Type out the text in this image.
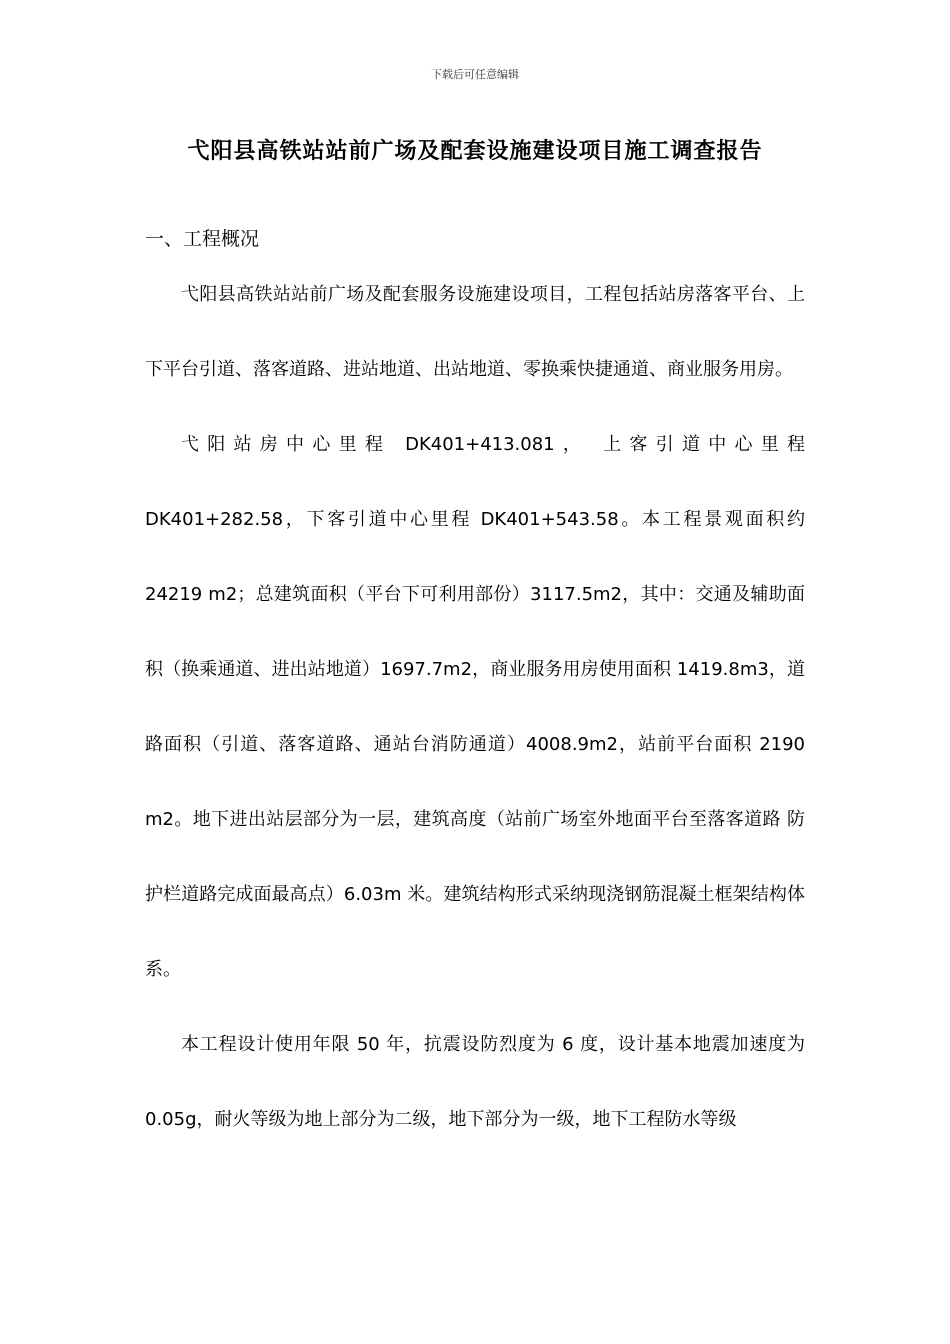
下载后可任意编辑
弋阳县高铁站站前广场及配套设施建设项目施工调查报告
一、工程概况

弋阳县高铁站站前广场及配套服务设施建设项目，工程包括站房落客平台、上下平台引道、落客道路、进站地道、出站地道、零换乘快捷通道、商业服务用房。

弋阳站房中心里程 DK401+413.081， 上客引道中心里程 DK401+282.58，下客引道中心里程 DK401+543.58。本工程景观面积约 24219 m2；总建筑面积（平台下可利用部份）3117.5m2，其中：交通及辅助面积（换乘通道、进出站地道）1697.7m2，商业服务用房使用面积 1419.8m3，道路面积（引道、落客道路、通站台消防通道）4008.9m2，站前平台面积 2190 m2。地下进出站层部分为一层，建筑高度（站前广场室外地面平台至落客道路 防护栏道路完成面最高点）6.03m 米。建筑结构形式采纳现浇钢筋混凝土框架结构体系。

本工程设计使用年限 50 年，抗震设防烈度为 6 度，设计基本地震加速度为 0.05g，耐火等级为地上部分为二级，地下部分为一级，地下工程防水等级
